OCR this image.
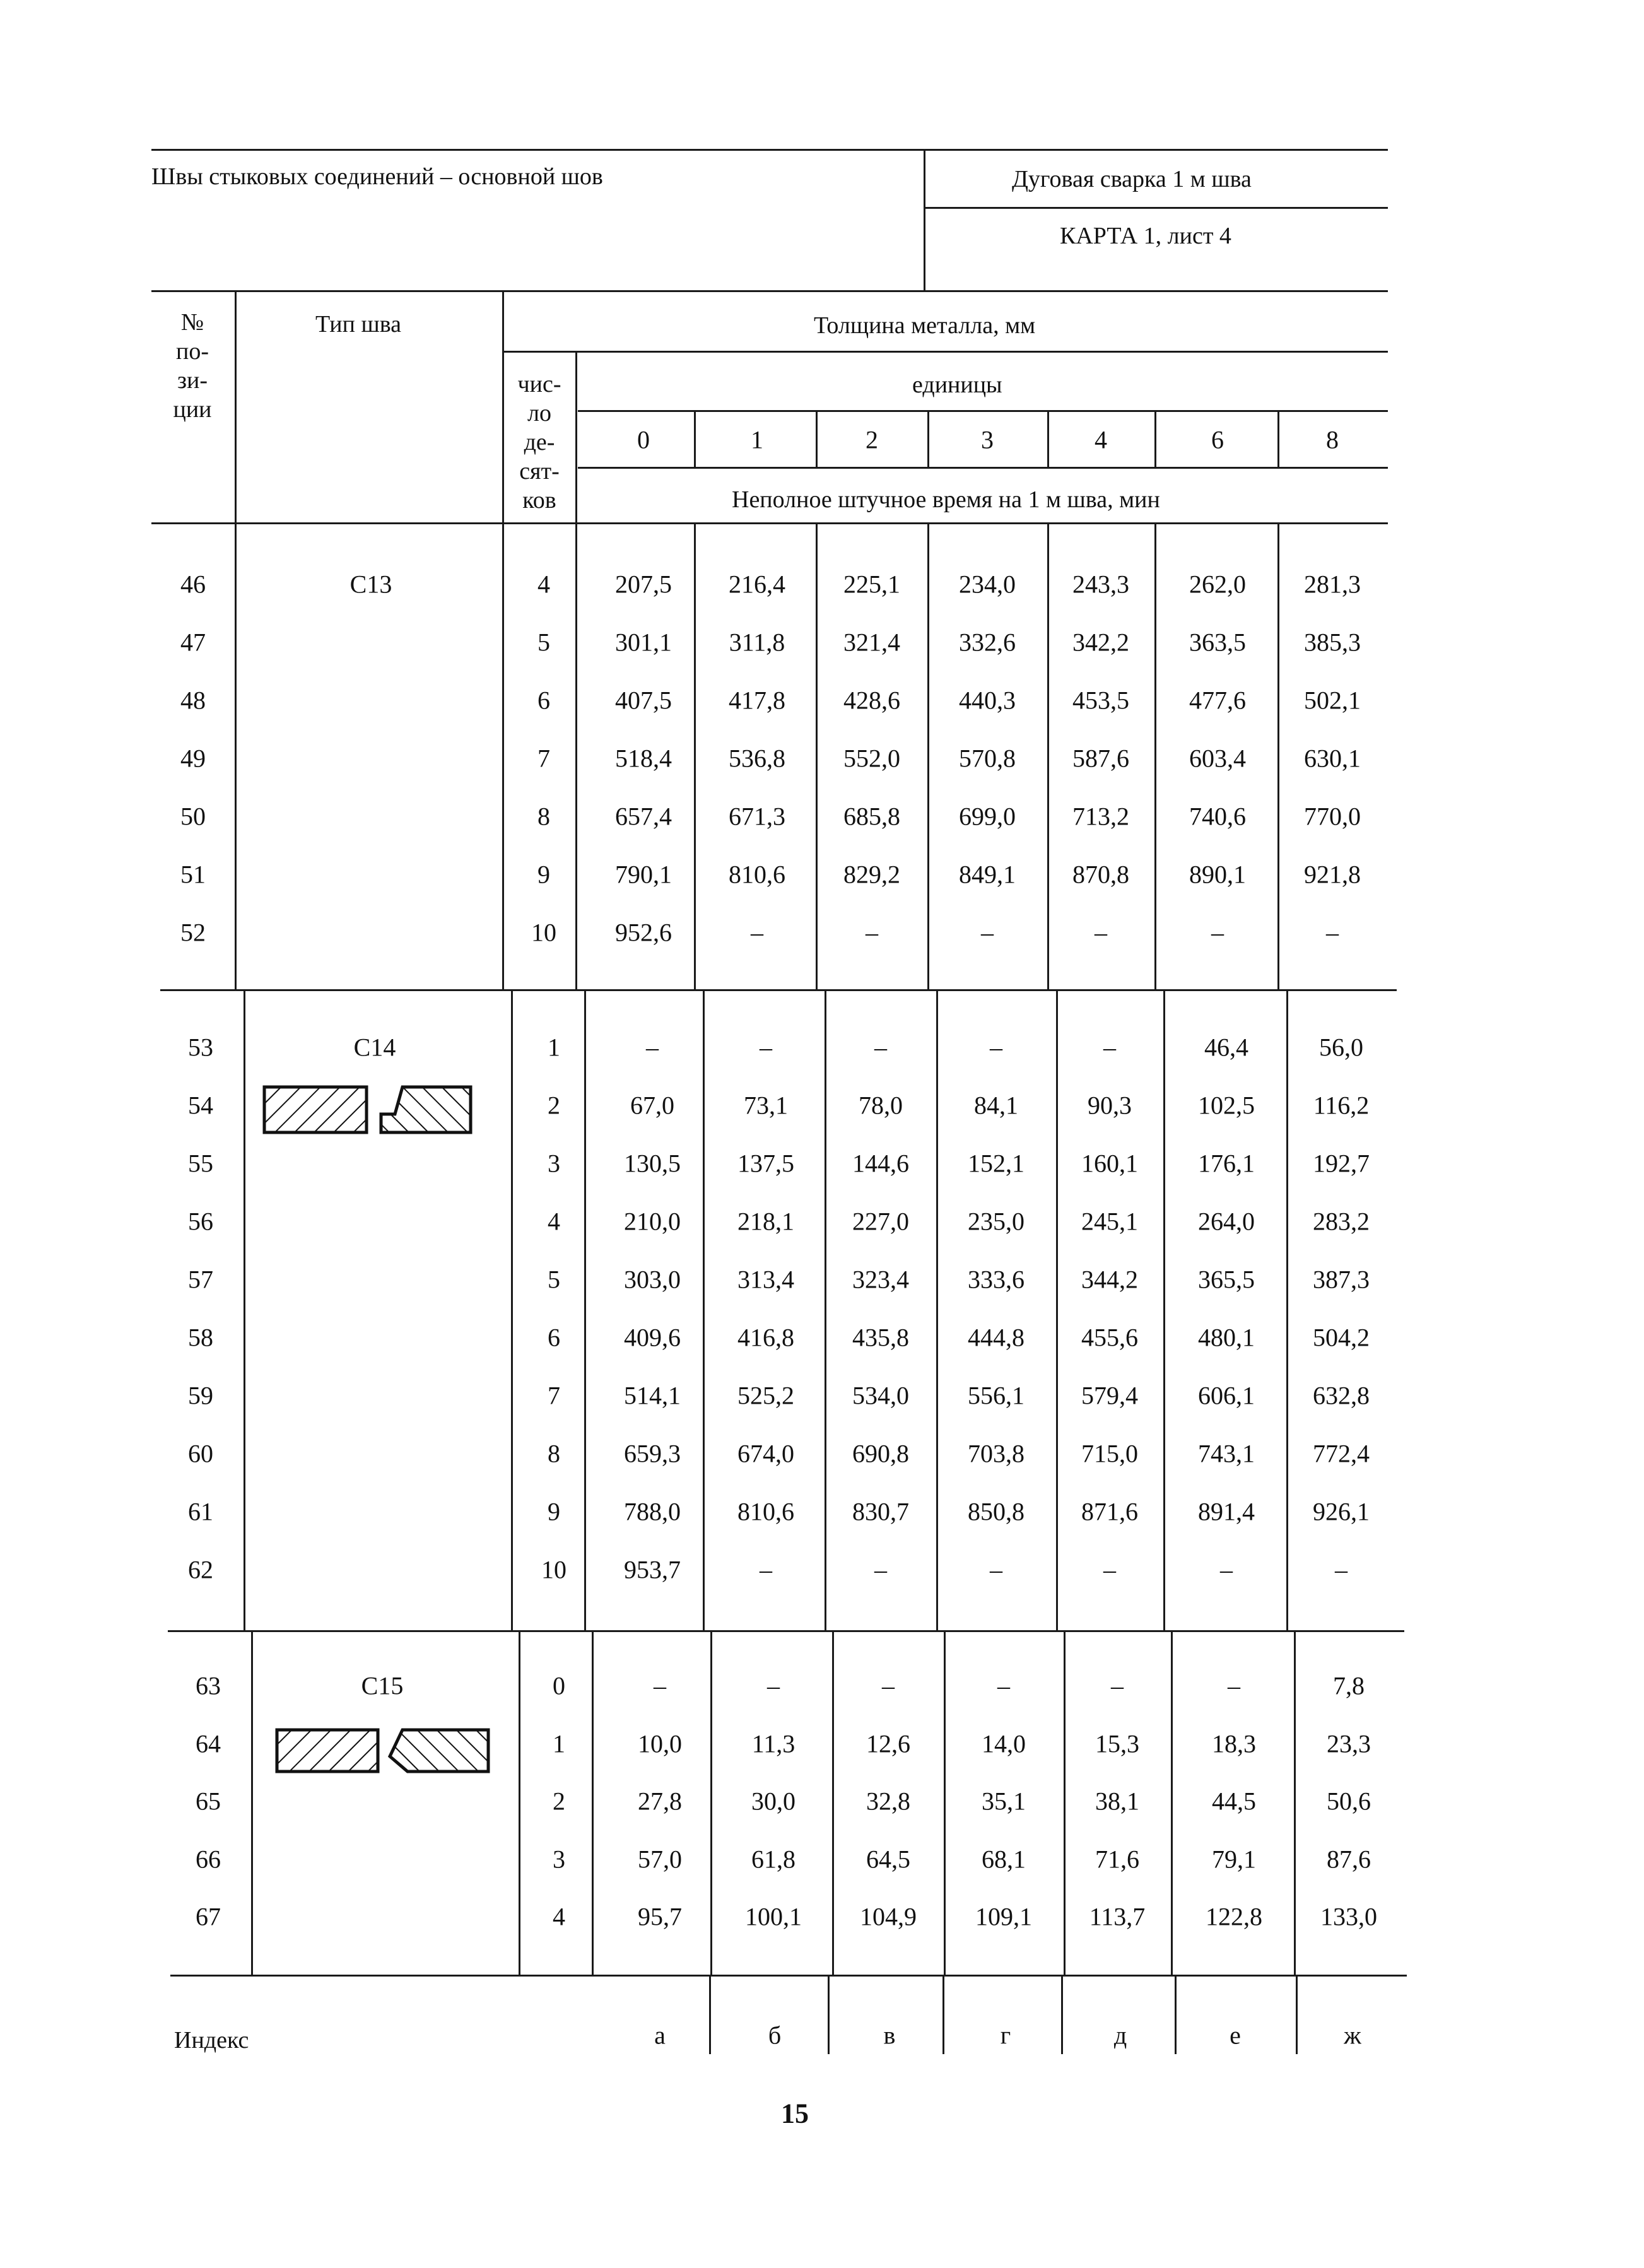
Швы стыковых соединений – основной шов	Дуговая сварка 1 м шва
КАРТА 1, лист 4
№
по-
зи-
ции
Тип шва	Толщина металла, мм
чис-
ло
де-
сят-
ков
единицы
0	1	2	3	4	6	8
Неполное штучное время на 1 м шва, мин
С13
46	4	207,5 216,4 225,1 234,0 243,3 262,0 281,3
47	5	301,1 311,8 321,4 332,6 342,2 363,5 385,3
48	6	407,5 417,8 428,6 440,3 453,5 477,6 502,1
49	7	518,4 536,8 552,0 570,8 587,6 603,4 630,1
50	8	657,4 671,3 685,8 699,0 713,2 740,6 770,0
51	9	790,1 810,6 829,2 849,1 870,8 890,1 921,8
52	10 952,6	–	–	–	–	–	–
С14
53	1	–	–	–	–	–	46,4	56,0
54	2	67,0	73,1	78,0	84,1	90,3	102,5 116,2
55	3	130,5 137,5 144,6 152,1 160,1 176,1 192,7
56	4	210,0 218,1 227,0 235,0 245,1 264,0 283,2
57	5	303,0 313,4 323,4 333,6 344,2 365,5 387,3
58	6	409,6 416,8 435,8 444,8 455,6 480,1 504,2
59	7	514,1 525,2 534,0 556,1 579,4 606,1 632,8
60	8	659,3 674,0 690,8 703,8 715,0 743,1 772,4
61	9	788,0 810,6 830,7 850,8 871,6 891,4 926,1
62	10 953,7	–	–	–	–	–	–
С15
63	0	–	–	–	–	–	–	7,8
64	1	10,0	11,3	12,6	14,0	15,3	18,3	23,3
65	2	27,8	30,0	32,8	35,1	38,1	44,5	50,6
66	3	57,0	61,8	64,5	68,1	71,6	79,1	87,6
67	4	95,7	100,1 104,9 109,1 113,7 122,8 133,0
Индекс	а	б	в	г	д	е	ж
15
